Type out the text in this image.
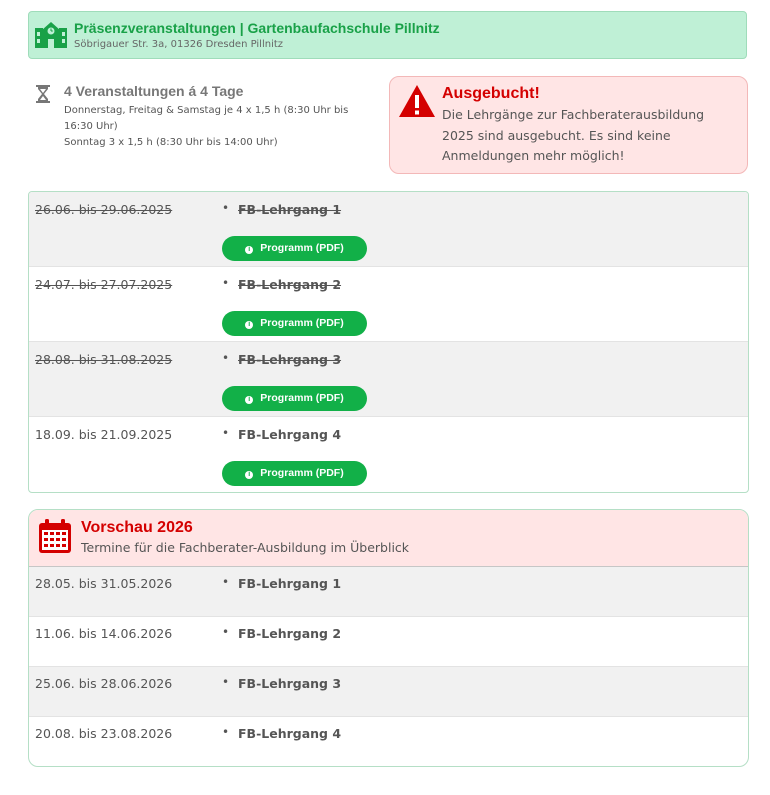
Präsenzveranstaltungen | Gartenbaufachschule Pillnitz
Söbrigauer Str. 3a, 01326 Dresden Pillnitz
4 Veranstaltungen á 4 Tage
Donnerstag, Freitag & Samstag je 4 x 1,5 h (8:30 Uhr bis 16:30 Uhr)
Sonntag 3 x 1,5 h (8:30 Uhr bis 14:00 Uhr)
Ausgebucht!
Die Lehrgänge zur Fachberaterausbildung 2025 sind ausgebucht. Es sind keine Anmeldungen mehr möglich!
26.06. bis 29.06.2025	• FB-Lehrgang 1
i Programm (PDF)
24.07. bis 27.07.2025	• FB-Lehrgang 2
i Programm (PDF)
28.08. bis 31.08.2025	• FB-Lehrgang 3
i Programm (PDF)
18.09. bis 21.09.2025	• FB-Lehrgang 4
i Programm (PDF)
Vorschau 2026
Termine für die Fachberater-Ausbildung im Überblick
28.05. bis 31.05.2026	• FB-Lehrgang 1
11.06. bis 14.06.2026	• FB-Lehrgang 2
25.06. bis 28.06.2026	• FB-Lehrgang 3
20.08. bis 23.08.2026	• FB-Lehrgang 4
